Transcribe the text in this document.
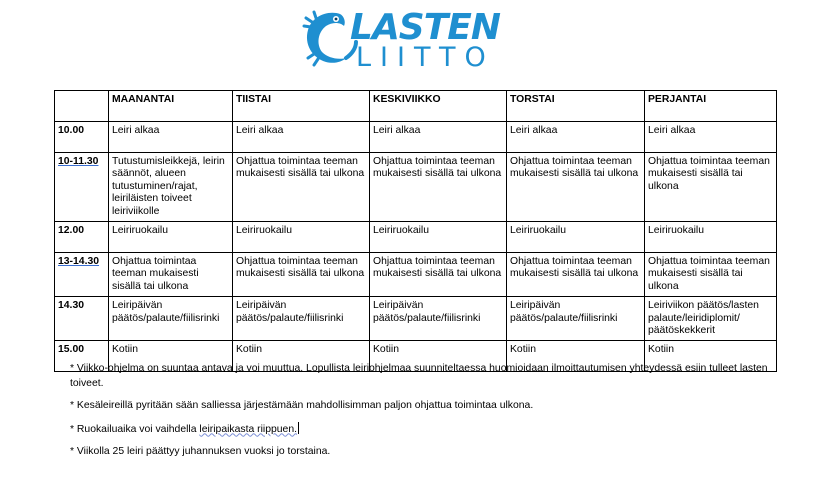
LASTEN
LIITTO
	MAANANTAI	TIISTAI	KESKIVIIKKO	TORSTAI	PERJANTAI
10.00	Leiri alkaa	Leiri alkaa	Leiri alkaa	Leiri alkaa	Leiri alkaa
10-11.30	Tutustumisleikkejä, leirin säännöt, alueen tutustuminen/rajat, leiriläisten toiveet leiriviikolle	Ohjattua toimintaa teeman mukaisesti sisällä tai ulkona	Ohjattua toimintaa teeman mukaisesti sisällä tai ulkona	Ohjattua toimintaa teeman mukaisesti sisällä tai ulkona	Ohjattua toimintaa teeman mukaisesti sisällä tai ulkona
12.00	Leiriruokailu	Leiriruokailu	Leiriruokailu	Leiriruokailu	Leiriruokailu
13-14.30	Ohjattua toimintaa teeman mukaisesti sisällä tai ulkona	Ohjattua toimintaa teeman mukaisesti sisällä tai ulkona	Ohjattua toimintaa teeman mukaisesti sisällä tai ulkona	Ohjattua toimintaa teeman mukaisesti sisällä tai ulkona	Ohjattua toimintaa teeman mukaisesti sisällä tai ulkona
14.30	Leiripäivän päätös/palaute/fiilisrinki	Leiripäivän päätös/palaute/fiilisrinki	Leiripäivän päätös/palaute/fiilisrinki	Leiripäivän päätös/palaute/fiilisrinki	Leiriviikon päätös/lasten palaute/leiridiplomit/ päätöskekkerit
15.00	Kotiin	Kotiin	Kotiin	Kotiin	Kotiin

* Viikko-ohjelma on suuntaa antava ja voi muuttua. Lopullista leiriohjelmaa suunniteltaessa huomioidaan ilmoittautumisen yhteydessä esiin tulleet lasten toiveet.

* Kesäleireillä pyritään sään salliessa järjestämään mahdollisimman paljon ohjattua toimintaa ulkona.

* Ruokailuaika voi vaihdella leiripaikasta riippuen.

* Viikolla 25 leiri päättyy juhannuksen vuoksi jo torstaina.
